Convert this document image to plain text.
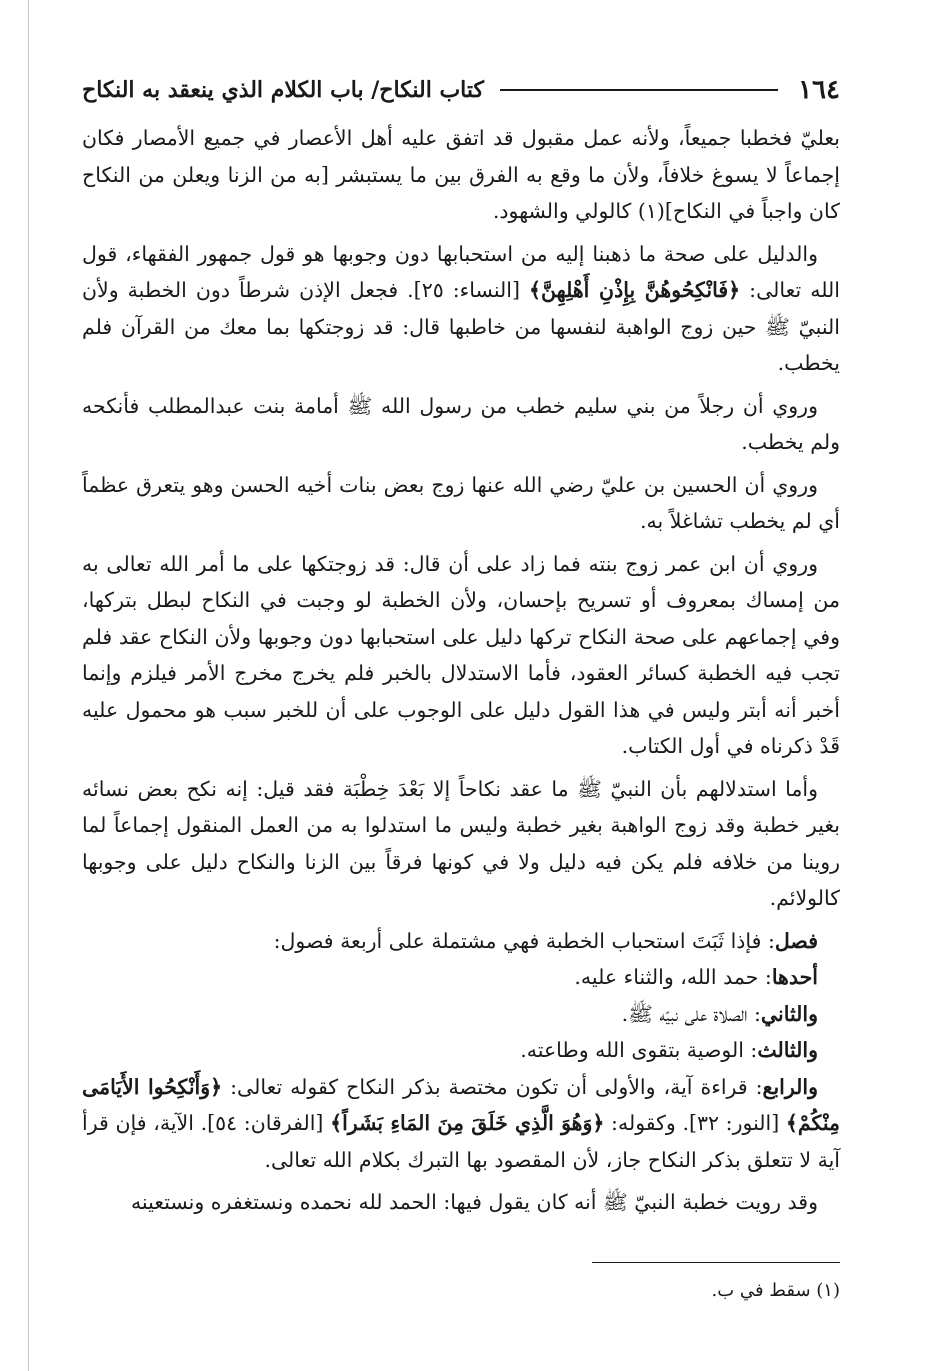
١٦٤
كتاب النكاح/ باب الكلام الذي ينعقد به النكاح

بعليّ فخطبا جميعاً، ولأنه عمل مقبول قد اتفق عليه أهل الأعصار في جميع الأمصار فكان إجماعاً لا يسوغ خلافاً، ولأن ما وقع به الفرق بين ما يستبشر [به من الزنا ويعلن من النكاح كان واجباً في النكاح](١) كالولي والشهود.

والدليل على صحة ما ذهبنا إليه من استحبابها دون وجوبها هو قول جمهور الفقهاء، قول الله تعالى: ﴿فَانْكِحُوهُنَّ بِإِذْنِ أَهْلِهِنَّ﴾ [النساء: ٢٥]. فجعل الإذن شرطاً دون الخطبة ولأن النبيّ ﷺ حين زوج الواهبة لنفسها من خاطبها قال: قد زوجتكها بما معك من القرآن فلم يخطب.

وروي أن رجلاً من بني سليم خطب من رسول الله ﷺ أمامة بنت عبدالمطلب فأنكحه ولم يخطب.

وروي أن الحسين بن عليّ رضي الله عنها زوج بعض بنات أخيه الحسن وهو يتعرق عظماً أي لم يخطب تشاغلاً به.

وروي أن ابن عمر زوج بنته فما زاد على أن قال: قد زوجتكها على ما أمر الله تعالى به من إمساك بمعروف أو تسريح بإحسان، ولأن الخطبة لو وجبت في النكاح لبطل بتركها، وفي إجماعهم على صحة النكاح تركها دليل على استحبابها دون وجوبها ولأن النكاح عقد فلم تجب فيه الخطبة كسائر العقود، فأما الاستدلال بالخبر فلم يخرج مخرج الأمر فيلزم وإنما أخبر أنه أبتر وليس في هذا القول دليل على الوجوب على أن للخبر سبب هو محمول عليه قَدْ ذكرناه في أول الكتاب.

وأما استدلالهم بأن النبيّ ﷺ ما عقد نكاحاً إلا بَعْدَ خِطْبَة فقد قيل: إنه نكح بعض نسائه بغير خطبة وقد زوج الواهبة بغير خطبة وليس ما استدلوا به من العمل المنقول إجماعاً لما روينا من خلافه فلم يكن فيه دليل ولا في كونها فرقاً بين الزنا والنكاح دليل على وجوبها كالولائم.

فصل: فإذا ثَبَتَ استحباب الخطبة فهي مشتملة على أربعة فصول:

أحدها: حمد الله، والثناء عليه.

والثاني: الصلاة على نبيّه ﷺ.

والثالث: الوصية بتقوى الله وطاعته.

والرابع: قراءة آية، والأولى أن تكون مختصة بذكر النكاح كقوله تعالى: ﴿وَأَنْكِحُوا الأَيَامَى مِنْكُمْ﴾ [النور: ٣٢]. وكقوله: ﴿وَهُوَ الَّذِي خَلَقَ مِنَ المَاءِ بَشَراً﴾ [الفرقان: ٥٤]. الآية، فإن قرأ آية لا تتعلق بذكر النكاح جاز، لأن المقصود بها التبرك بكلام الله تعالى.

وقد رويت خطبة النبيّ ﷺ أنه كان يقول فيها: الحمد لله نحمده ونستغفره ونستعينه

(١) سقط في ب.
